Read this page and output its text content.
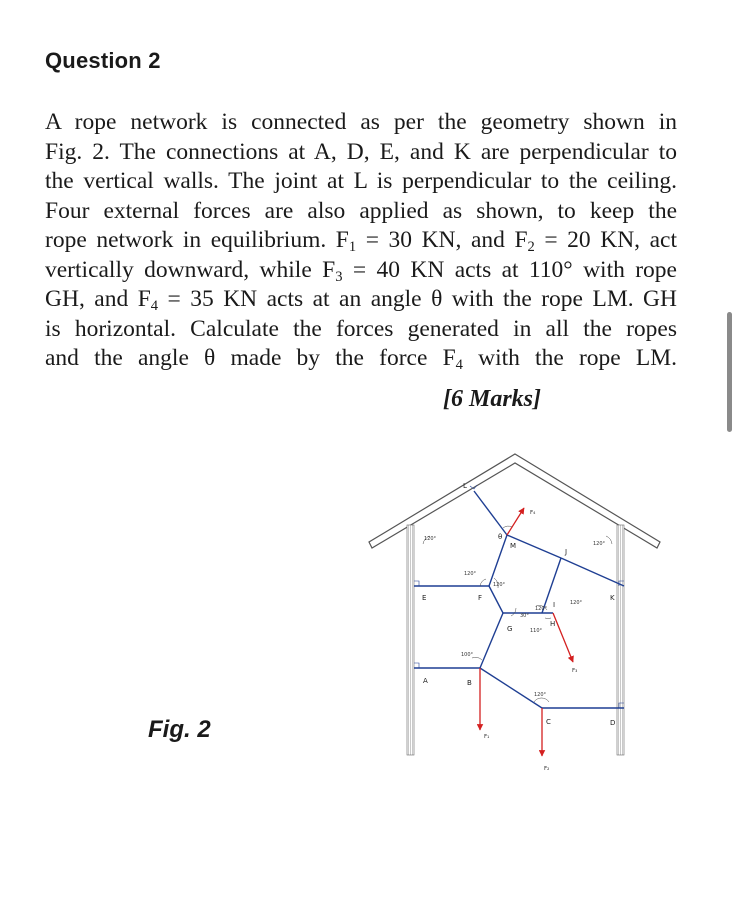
Question 2
A rope network is connected as per the geometry shown in
Fig. 2. The connections at A, D, E, and K are perpendicular to
the vertical walls. The joint at L is perpendicular to the ceiling.
Four external forces are also applied as shown, to keep the
rope network in equilibrium. $F_1 = 30$ KN, and $F_2 = 20$ KN, act
vertically downward, while $F_3 = 40$ KN acts at 110° with rope
GH, and $F_4 = 35$ KN acts at an angle θ with the rope LM. GH
is horizontal. Calculate the forces generated in all the ropes
and the angle θ made by the force $F_4$ with the rope LM.
[6 Marks]
Fig. 2
L
M
J
E	F	K
G
H
I
A	B
C	D
θ
F₄
F₃
F₁
F₂
120°
120°
120°
120°
120°
30°
120°
110°
100°
120°
